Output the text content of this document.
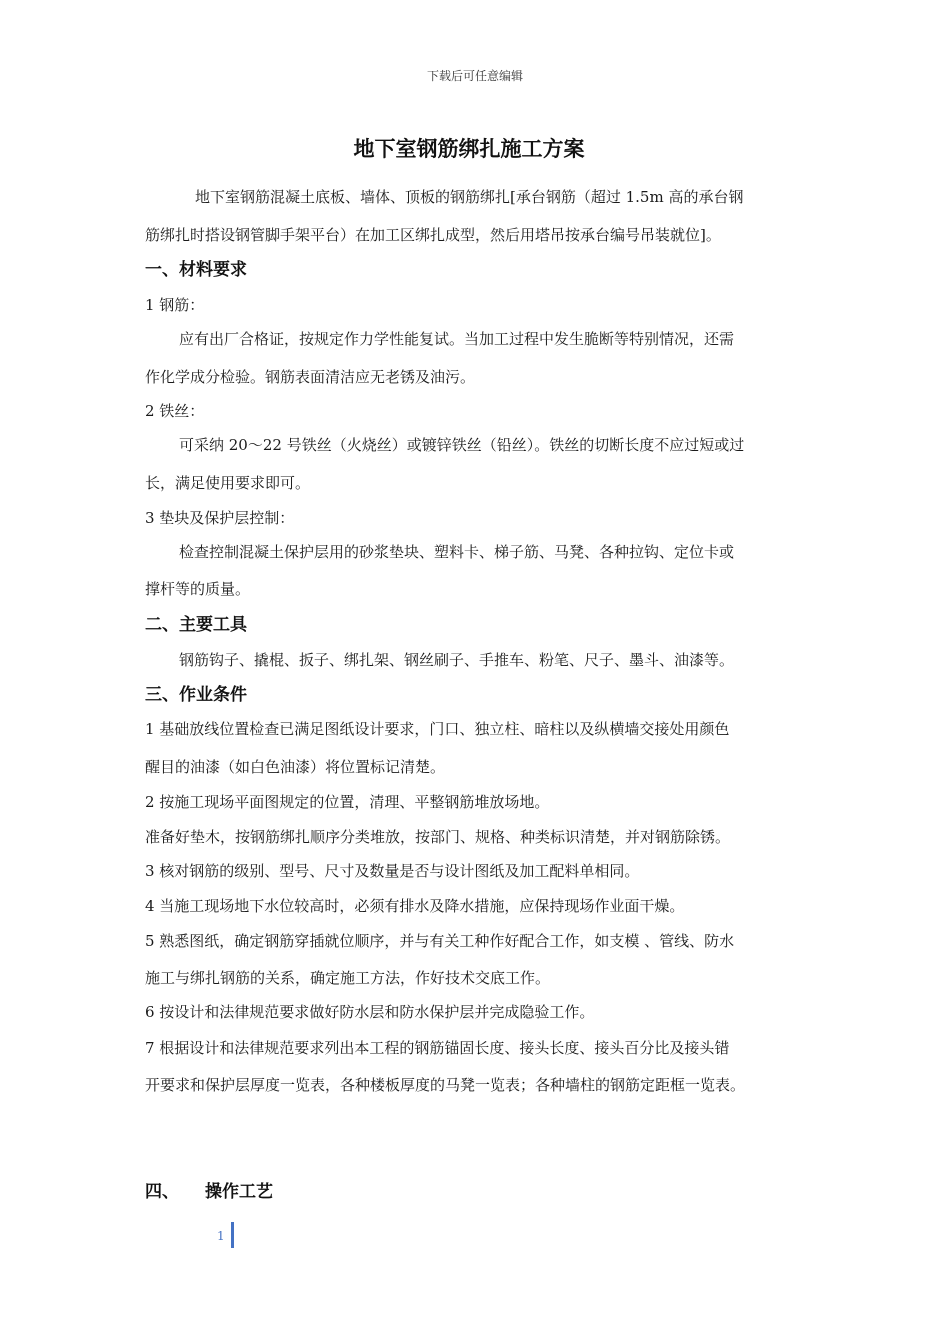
下载后可任意编辑
地下室钢筋绑扎施工方案
地下室钢筋混凝土底板、墙体、顶板的钢筋绑扎[承台钢筋（超过 1.5m 高的承台钢
筋绑扎时搭设钢管脚手架平台）在加工区绑扎成型，然后用塔吊按承台编号吊装就位]。
一、材料要求
1 钢筋：
应有出厂合格证，按规定作力学性能复试。当加工过程中发生脆断等特别情况，还需
作化学成分检验。钢筋表面清洁应无老锈及油污。
2 铁丝：
可采纳 20～22 号铁丝（火烧丝）或镀锌铁丝（铅丝）。铁丝的切断长度不应过短或过
长，满足使用要求即可。
3 垫块及保护层控制：
检查控制混凝土保护层用的砂浆垫块、塑料卡、梯子筋、马凳、各种拉钩、定位卡或
撑杆等的质量。
二、主要工具
钢筋钩子、撬棍、扳子、绑扎架、钢丝刷子、手推车、粉笔、尺子、墨斗、油漆等。
三、作业条件
1 基础放线位置检查已满足图纸设计要求，门口、独立柱、暗柱以及纵横墙交接处用颜色
醒目的油漆（如白色油漆）将位置标记清楚。
2 按施工现场平面图规定的位置，清理、平整钢筋堆放场地。
准备好垫木，按钢筋绑扎顺序分类堆放，按部门、规格、种类标识清楚，并对钢筋除锈。
3 核对钢筋的级别、型号、尺寸及数量是否与设计图纸及加工配料单相同。
4 当施工现场地下水位较高时，必须有排水及降水措施，应保持现场作业面干燥。
5 熟悉图纸，确定钢筋穿插就位顺序，并与有关工种作好配合工作，如支模 、管线、防水
施工与绑扎钢筋的关系，确定施工方法，作好技术交底工作。
6 按设计和法律规范要求做好防水层和防水保护层并完成隐验工作。
7 根据设计和法律规范要求列出本工程的钢筋锚固长度、接头长度、接头百分比及接头错
开要求和保护层厚度一览表，各种楼板厚度的马凳一览表；各种墙柱的钢筋定距框一览表。
四、 操作工艺
1
